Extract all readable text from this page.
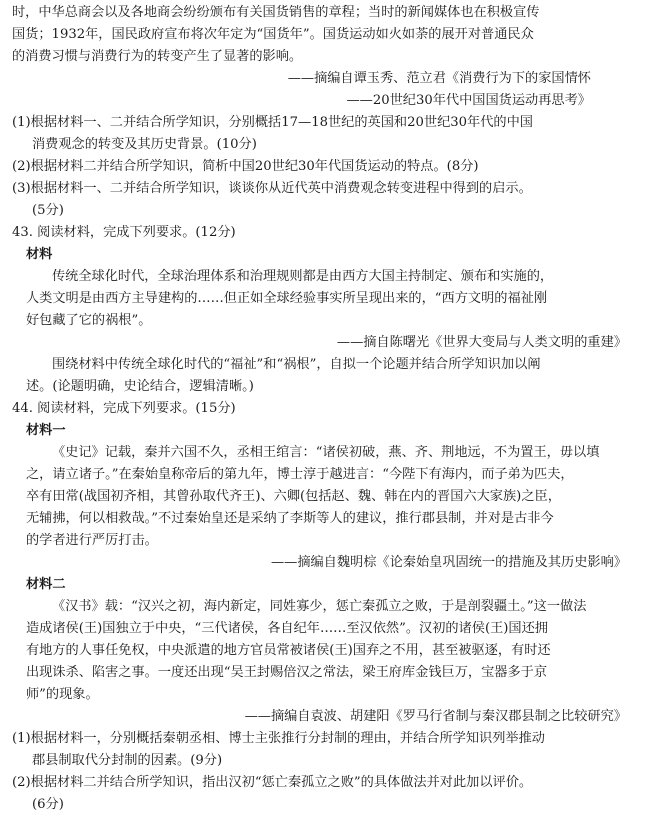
时，中华总商会以及各地商会纷纷颁布有关国货销售的章程；当时的新闻媒体也在积极宣传
国货；1932年，国民政府宣布将次年定为“国货年”。国货运动如火如荼的展开对普通民众
的消费习惯与消费行为的转变产生了显著的影响。
——摘编自谭玉秀、范立君《消费行为下的家国情怀
——20世纪30年代中国国货运动再思考》
(1)根据材料一、二并结合所学知识，分别概括17—18世纪的英国和20世纪30年代的中国
消费观念的转变及其历史背景。(10分)
(2)根据材料二并结合所学知识，简析中国20世纪30年代国货运动的特点。(8分)
(3)根据材料一、二并结合所学知识，谈谈你从近代英中消费观念转变进程中得到的启示。
(5分)
43. 阅读材料，完成下列要求。(12分)
材料
传统全球化时代，全球治理体系和治理规则都是由西方大国主持制定、颁布和实施的，
人类文明是由西方主导建构的……但正如全球经验事实所呈现出来的，“西方文明的福祉刚
好包藏了它的祸根”。
——摘自陈曙光《世界大变局与人类文明的重建》
围绕材料中传统全球化时代的“福祉”和“祸根”，自拟一个论题并结合所学知识加以阐
述。(论题明确，史论结合，逻辑清晰。)
44. 阅读材料，完成下列要求。(15分)
材料一
《史记》记载，秦并六国不久，丞相王绾言：“诸侯初破，燕、齐、荆地远，不为置王，毋以填
之，请立诸子。”在秦始皇称帝后的第九年，博士淳于越进言：“今陛下有海内，而子弟为匹夫，
卒有田常(战国初齐相，其曾孙取代齐王)、六卿(包括赵、魏、韩在内的晋国六大家族)之臣，
无辅拂，何以相救哉。”不过秦始皇还是采纳了李斯等人的建议，推行郡县制，并对是古非今
的学者进行严厉打击。
——摘编自魏明棕《论秦始皇巩固统一的措施及其历史影响》
材料二
《汉书》载：“汉兴之初，海内新定，同姓寡少，惩亡秦孤立之败，于是剖裂疆土。”这一做法
造成诸侯(王)国独立于中央，“三代诸侯，各自纪年……至汉依然”。汉初的诸侯(王)国还拥
有地方的人事任免权，中央派遣的地方官员常被诸侯(王)国弃之不用，甚至被驱逐，有时还
出现诛杀、陷害之事。一度还出现“吴王封赐倍汉之常法，梁王府库金钱巨万，宝器多于京
师”的现象。
——摘编自袁波、胡建阳《罗马行省制与秦汉郡县制之比较研究》
(1)根据材料一，分别概括秦朝丞相、博士主张推行分封制的理由，并结合所学知识列举推动
郡县制取代分封制的因素。(9分)
(2)根据材料二并结合所学知识，指出汉初“惩亡秦孤立之败”的具体做法并对此加以评价。
(6分)
